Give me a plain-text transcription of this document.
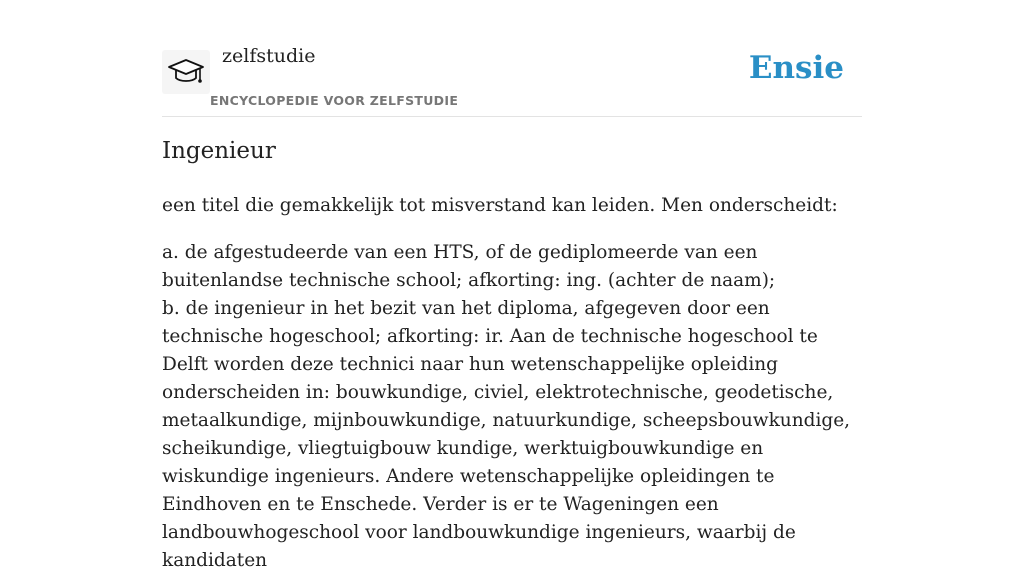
zelfstudie
ENCYCLOPEDIE VOOR ZELFSTUDIE
Ensie
Ingenieur

een titel die gemakkelijk tot misverstand kan leiden. Men onderscheidt:

a. de afgestudeerde van een HTS, of de gediplomeerde van een buitenlandse technische school; afkorting: ing. (achter de naam);
b. de ingenieur in het bezit van het diploma, afgegeven door een technische hogeschool; afkorting: ir. Aan de technische hogeschool te Delft worden deze technici naar hun wetenschappelijke opleiding onderscheiden in: bouwkundige, civiel, elektrotechnische, geodetische, metaalkundige, mijnbouwkundige, natuurkundige, scheepsbouwkundige, scheikundige, vliegtuigbouw kundige, werktuigbouwkundige en wiskundige ingenieurs. Andere wetenschappelijke opleidingen te Eindhoven en te Enschede. Verder is er te Wageningen een landbouwhogeschool voor landbouwkundige ingenieurs, waarbij de kandidaten
